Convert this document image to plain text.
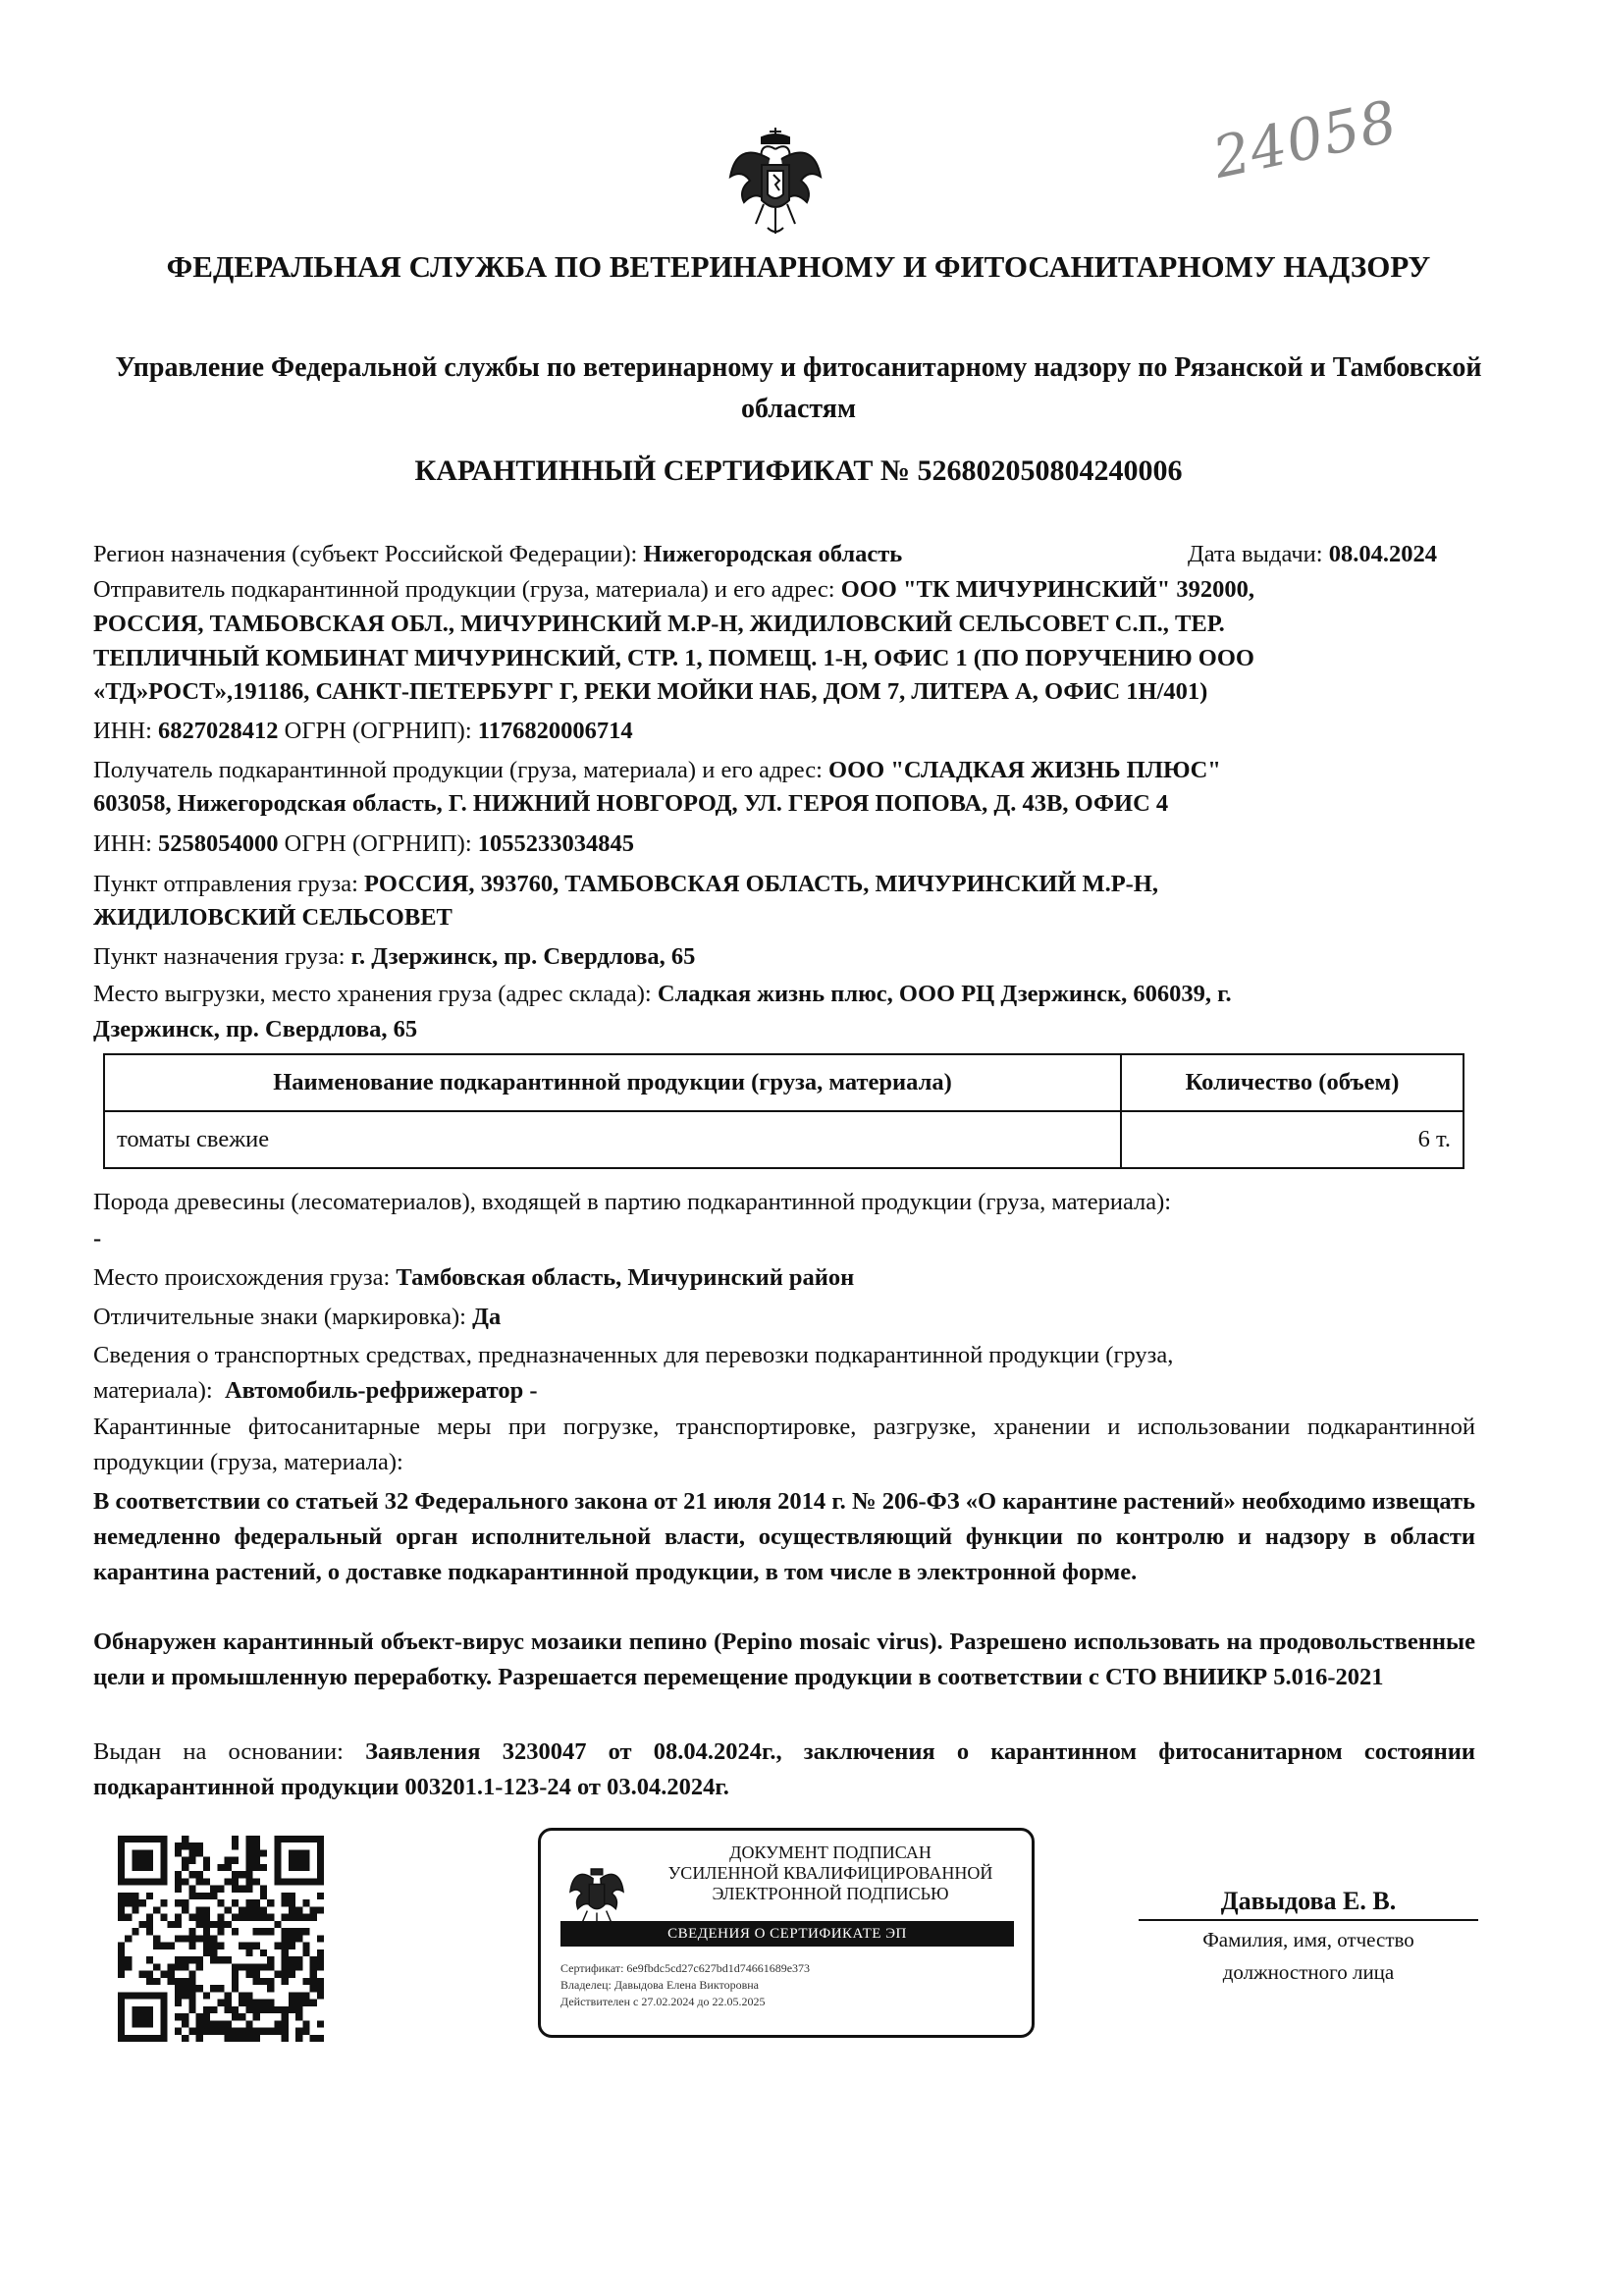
24058
ФЕДЕРАЛЬНАЯ СЛУЖБА ПО ВЕТЕРИНАРНОМУ И ФИТОСАНИТАРНОМУ НАДЗОРУ
Управление Федеральной службы по ветеринарному и фитосанитарному надзору по Рязанской и Тамбовской областям
КАРАНТИННЫЙ СЕРТИФИКАТ № 526802050804240006
Регион назначения (субъект Российской Федерации): Нижегородская область	Дата выдачи: 08.04.2024
Отправитель подкарантинной продукции (груза, материала) и его адрес: ООО "ТК МИЧУРИНСКИЙ" 392000,
РОССИЯ, ТАМБОВСКАЯ ОБЛ., МИЧУРИНСКИЙ М.Р-Н, ЖИДИЛОВСКИЙ СЕЛЬСОВЕТ С.П., ТЕР.
ТЕПЛИЧНЫЙ КОМБИНАТ МИЧУРИНСКИЙ, СТР. 1, ПОМЕЩ. 1-Н, ОФИС 1 (ПО ПОРУЧЕНИЮ ООО
«ТД»РОСТ»,191186, САНКТ-ПЕТЕРБУРГ Г, РЕКИ МОЙКИ НАБ, ДОМ 7, ЛИТЕРА А, ОФИС 1Н/401)
ИНН: 6827028412 ОГРН (ОГРНИП): 1176820006714
Получатель подкарантинной продукции (груза, материала) и его адрес: ООО "СЛАДКАЯ ЖИЗНЬ ПЛЮС"
603058, Нижегородская область, Г. НИЖНИЙ НОВГОРОД, УЛ. ГЕРОЯ ПОПОВА, Д. 43В, ОФИС 4
ИНН: 5258054000 ОГРН (ОГРНИП): 1055233034845
Пункт отправления груза: РОССИЯ, 393760, ТАМБОВСКАЯ ОБЛАСТЬ, МИЧУРИНСКИЙ М.Р-Н,
ЖИДИЛОВСКИЙ СЕЛЬСОВЕТ
Пункт назначения груза: г. Дзержинск, пр. Свердлова, 65
Место выгрузки, место хранения груза (адрес склада): Сладкая жизнь плюс, ООО РЦ Дзержинск, 606039, г.
Дзержинск, пр. Свердлова, 65
Наименование подкарантинной продукции (груза, материала)	Количество (объем)
томаты свежие	6 т.
Порода древесины (лесоматериалов), входящей в партию подкарантинной продукции (груза, материала):
-
Место происхождения груза: Тамбовская область, Мичуринский район
Отличительные знаки (маркировка): Да
Сведения о транспортных средствах, предназначенных для перевозки подкарантинной продукции (груза,
материала): Автомобиль-рефрижератор -
Карантинные фитосанитарные меры при погрузке, транспортировке, разгрузке, хранении и использовании подкарантинной продукции (груза, материала):
В соответствии со статьей 32 Федерального закона от 21 июля 2014 г. № 206-ФЗ «О карантине растений» необходимо извещать немедленно федеральный орган исполнительной власти, осуществляющий функции по контролю и надзору в области карантина растений, о доставке подкарантинной продукции, в том числе в электронной форме.
Обнаружен карантинный объект-вирус мозаики пепино (Pepino mosaic virus). Разрешено использовать на продовольственные цели и промышленную переработку. Разрешается перемещение продукции в соответствии с СТО ВНИИКР 5.016-2021
Выдан на основании: Заявления 3230047 от 08.04.2024г., заключения о карантинном фитосанитарном состоянии подкарантинной продукции 003201.1-123-24 от 03.04.2024г.
ДОКУМЕНТ ПОДПИСАН
УСИЛЕННОЙ КВАЛИФИЦИРОВАННОЙ
ЭЛЕКТРОННОЙ ПОДПИСЬЮ
СВЕДЕНИЯ О СЕРТИФИКАТЕ ЭП
Сертификат: 6e9fbdc5cd27c627bd1d74661689e373
Владелец: Давыдова Елена Викторовна
Действителен с 27.02.2024 до 22.05.2025
Давыдова Е. В.
Фамилия, имя, отчество
должностного лица
